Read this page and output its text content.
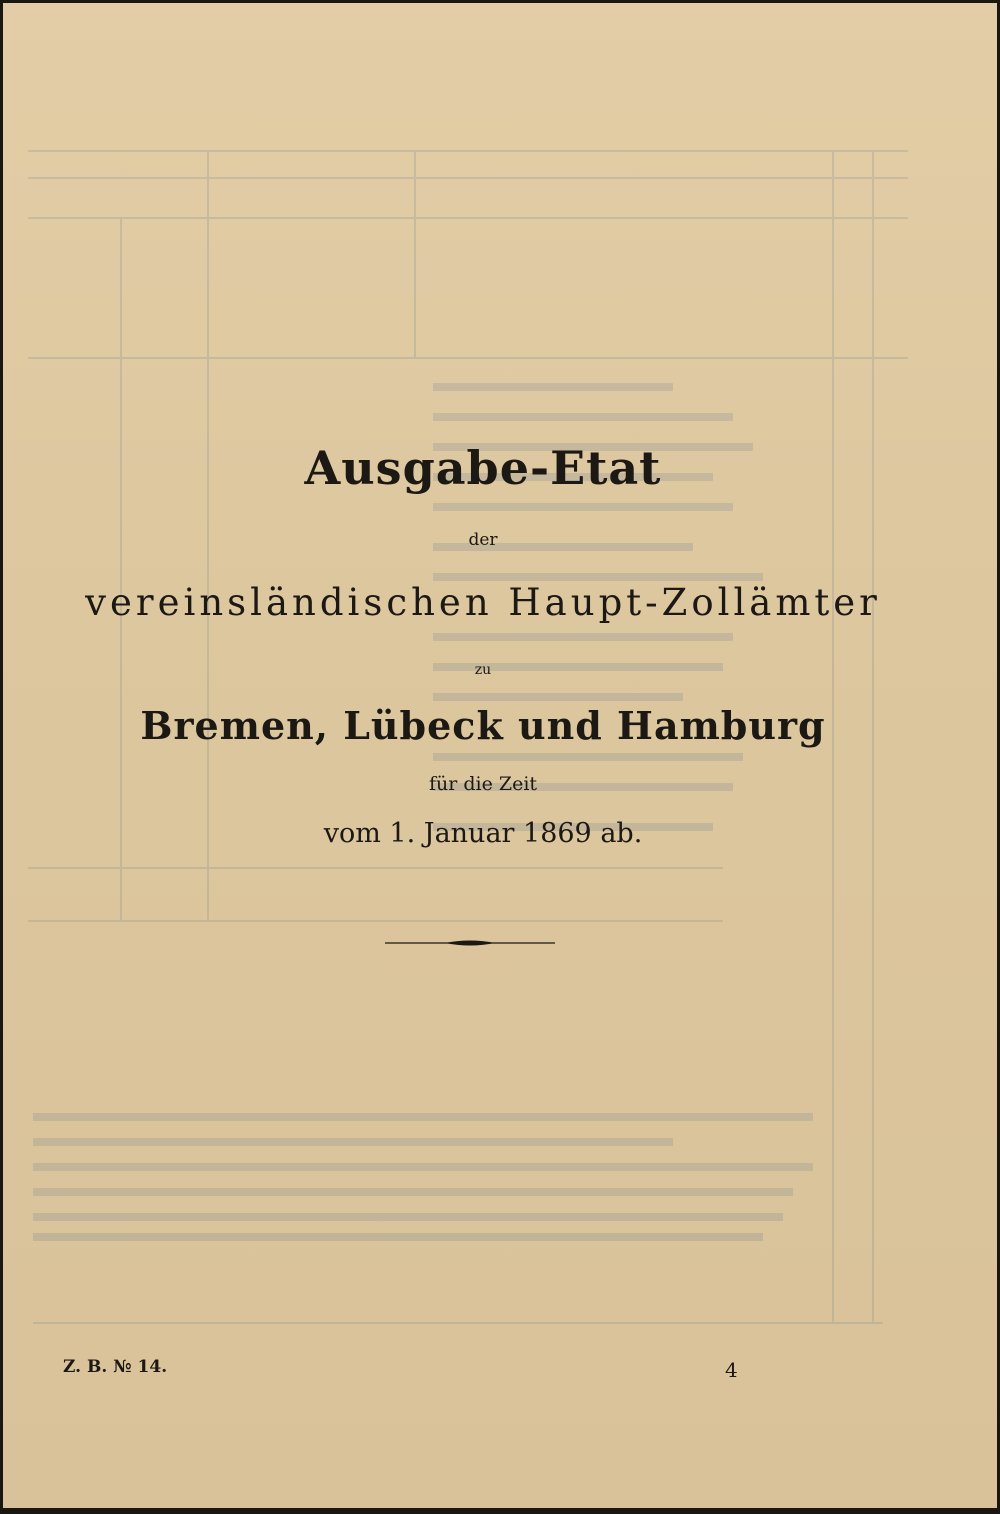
Ausgabe-Etat
der
vereinsländischen Haupt-Zollämter
zu
Bremen, Lübeck und Hamburg
für die Zeit
vom 1. Januar 1869 ab.
Z. B. № 14.	4
